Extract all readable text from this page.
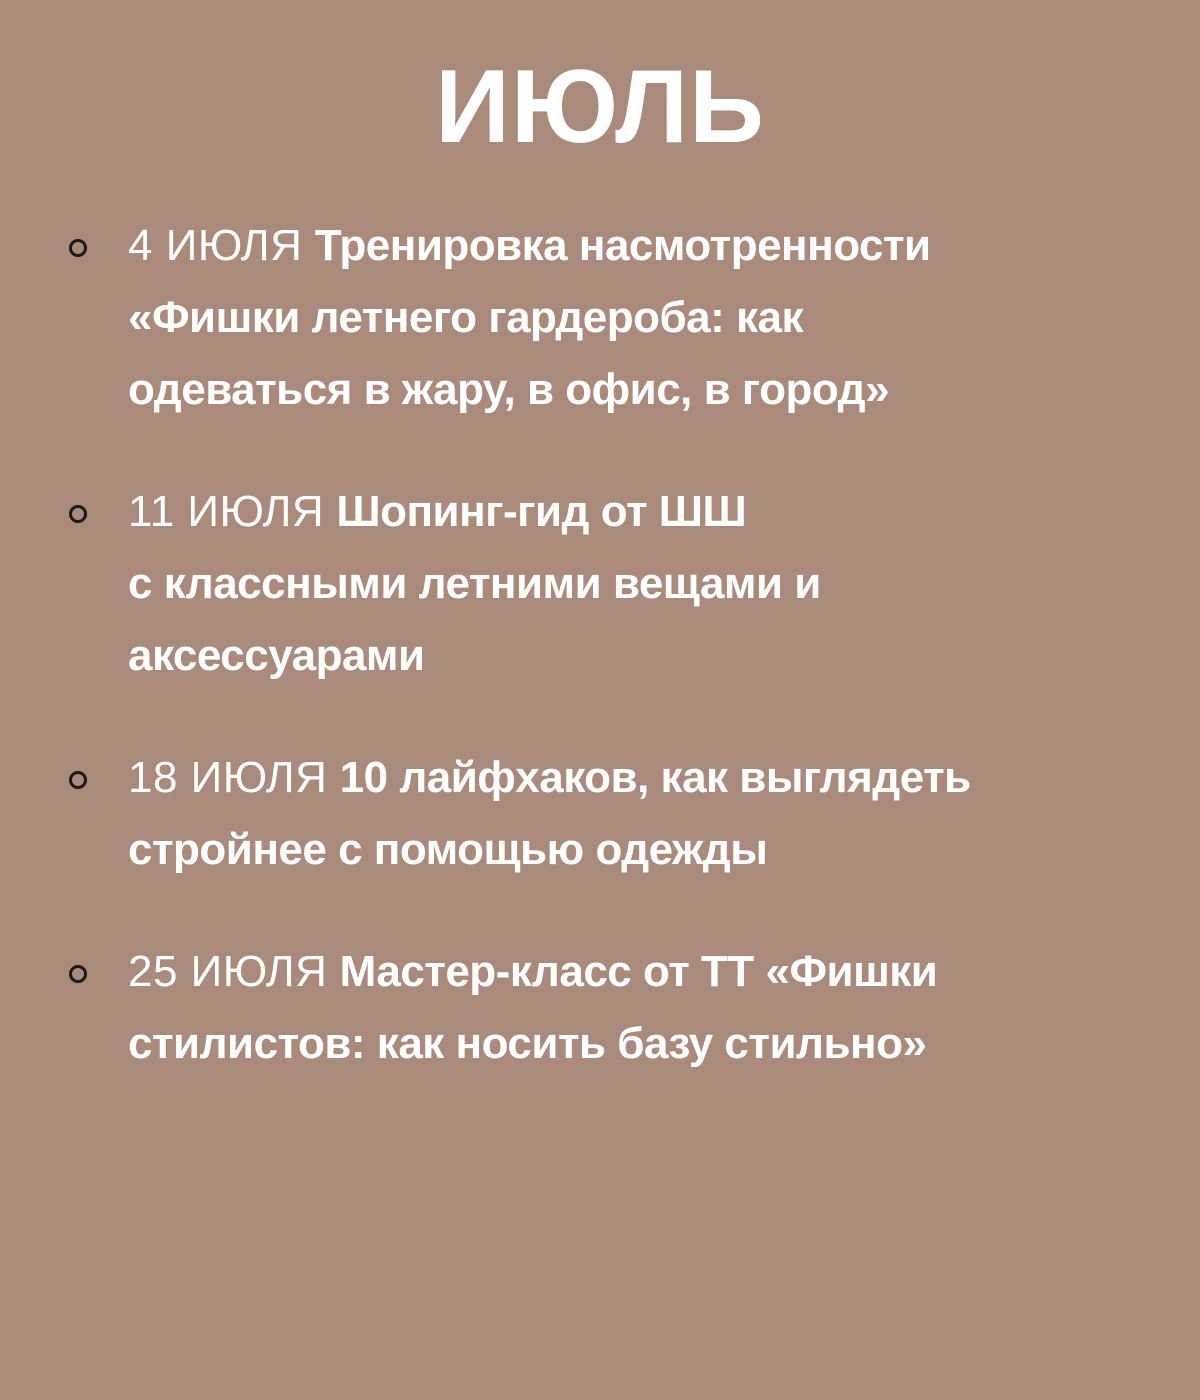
ИЮЛЬ
4 ИЮЛЯ Тренировка насмотренности
«Фишки летнего гардероба: как
одеваться в жару, в офис, в город»
11 ИЮЛЯ Шопинг-гид от ШШ
с классными летними вещами и
аксессуарами
18 ИЮЛЯ 10 лайфхаков, как выглядеть
стройнее с помощью одежды
25 ИЮЛЯ Мастер-класс от ТТ «Фишки
стилистов: как носить базу стильно»
